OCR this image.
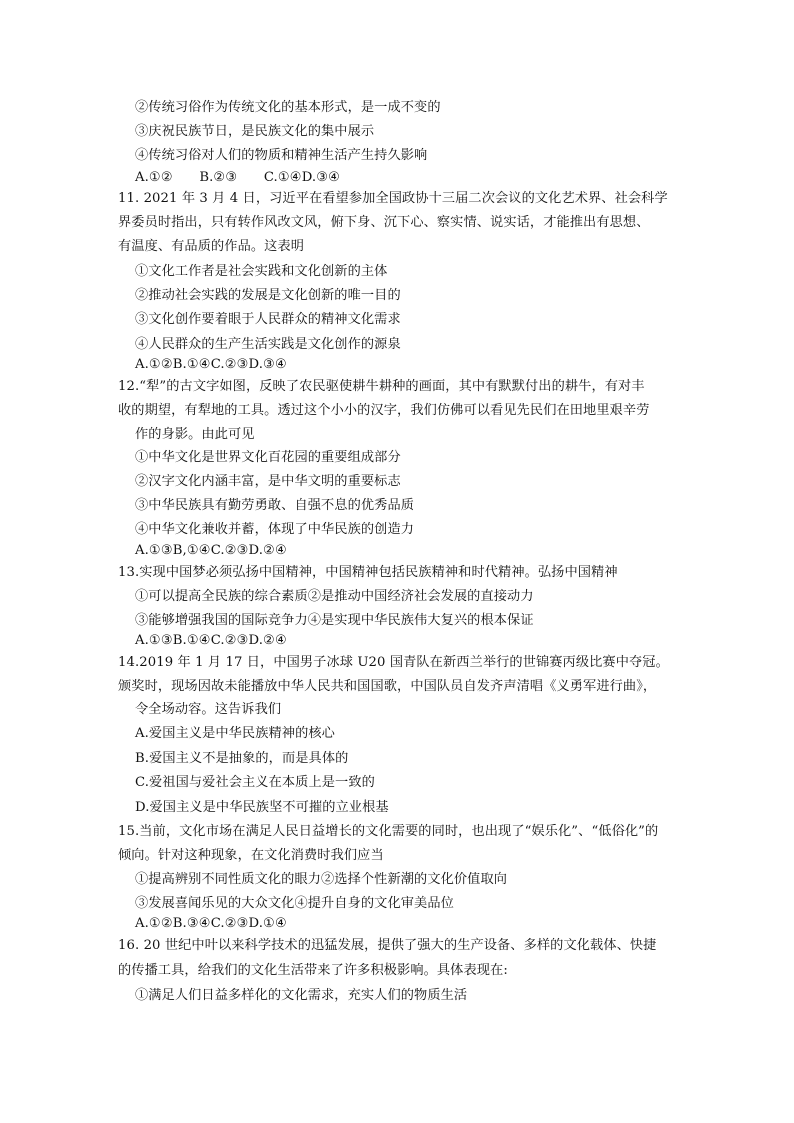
②传统习俗作为传统文化的基本形式，是一成不变的
③庆祝民族节日，是民族文化的集中展示
④传统习俗对人们的物质和精神生活产生持久影响
A.①②　　B.②③　　C.①④D.③④
11. 2021 年 3 月 4 日，习近平在看望参加全国政协十三届二次会议的文化艺术界、社会科学
界委员时指出，只有转作风改文风，俯下身、沉下心、察实情、说实话，才能推出有思想、
有温度、有品质的作品。这表明
①文化工作者是社会实践和文化创新的主体
②推动社会实践的发展是文化创新的唯一目的
③文化创作要着眼于人民群众的精神文化需求
④人民群众的生产生活实践是文化创作的源泉
A.①②B.①④C.②③D.③④
12.“犁”的古文字如图，反映了农民驱使耕牛耕种的画面，其中有默默付出的耕牛，有对丰
收的期望，有犁地的工具。透过这个小小的汉字，我们仿佛可以看见先民们在田地里艰辛劳
作的身影。由此可见
①中华文化是世界文化百花园的重要组成部分
②汉字文化内涵丰富，是中华文明的重要标志
③中华民族具有勤劳勇敢、自强不息的优秀品质
④中华文化兼收并蓄，体现了中华民族的创造力
A.①③B,①④C.②③D.②④
13.实现中国梦必须弘扬中国精神，中国精神包括民族精神和时代精神。弘扬中国精神
①可以提高全民族的综合素质②是推动中国经济社会发展的直接动力
③能够增强我国的国际竞争力④是实现中华民族伟大复兴的根本保证
A.①③B.①④C.②③D.②④
14.2019 年 1 月 17 日，中国男子冰球 U20 国青队在新西兰举行的世锦赛丙级比赛中夺冠。
颁奖时，现场因故未能播放中华人民共和国国歌，中国队员自发齐声清唱《义勇军进行曲》，
令全场动容。这告诉我们
A.爱国主义是中华民族精神的核心
B.爱国主义不是抽象的，而是具体的
C.爱祖国与爱社会主义在本质上是一致的
D.爱国主义是中华民族坚不可摧的立业根基
15.当前，文化市场在满足人民日益增长的文化需要的同时，也出现了“娱乐化”、“低俗化”的
倾向。针对这种现象，在文化消费时我们应当
①提高辨别不同性质文化的眼力②选择个性新潮的文化价值取向
③发展喜闻乐见的大众文化④提升自身的文化审美品位
A.①②B.③④C.②③D.①④
16. 20 世纪中叶以来科学技术的迅猛发展，提供了强大的生产设备、多样的文化载体、快捷
的传播工具，给我们的文化生活带来了许多积极影响。具体表现在:
①满足人们日益多样化的文化需求，充实人们的物质生活
